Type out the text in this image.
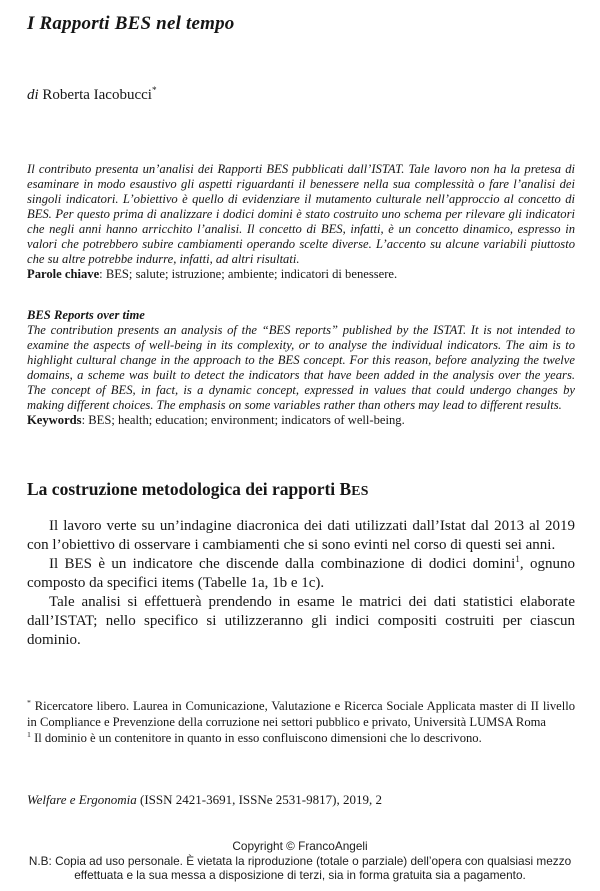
I Rapporti BES nel tempo

di Roberta Iacobucci*

Il contributo presenta un’analisi dei Rapporti BES pubblicati dall’ISTAT. Tale lavoro non ha la pretesa di esaminare in modo esaustivo gli aspetti riguardanti il benessere nella sua complessità o fare l’analisi dei singoli indicatori. L’obiettivo è quello di evidenziare il mutamento culturale nell’approccio al concetto di BES. Per questo prima di analizzare i dodici domini è stato costruito uno schema per rilevare gli indicatori che negli anni hanno arricchito l’analisi. Il concetto di BES, infatti, è un concetto dinamico, espresso in valori che potrebbero subire cambiamenti operando scelte diverse. L’accento su alcune variabili piuttosto che su altre potrebbe indurre, infatti, ad altri risultati.

Parole chiave: BES; salute; istruzione; ambiente; indicatori di benessere.

BES Reports over time

The contribution presents an analysis of the “BES reports” published by the ISTAT. It is not intended to examine the aspects of well-being in its complexity, or to analyse the individual indicators. The aim is to highlight cultural change in the approach to the BES concept. For this reason, before analyzing the twelve domains, a scheme was built to detect the indicators that have been added in the analysis over the years. The concept of BES, in fact, is a dynamic concept, expressed in values that could undergo changes by making different choices. The emphasis on some variables rather than others may lead to different results.

Keywords: BES; health; education; environment; indicators of well-being.

La costruzione metodologica dei rapporti BES

Il lavoro verte su un’indagine diacronica dei dati utilizzati dall’Istat dal 2013 al 2019 con l’obiettivo di osservare i cambiamenti che si sono evinti nel corso di questi sei anni.

Il BES è un indicatore che discende dalla combinazione di dodici domini$^1$, ognuno composto da specifici items (Tabelle 1a, 1b e 1c).

Tale analisi si effettuerà prendendo in esame le matrici dei dati statistici elaborate dall’ISTAT; nello specifico si utilizzeranno gli indici compositi costruiti per ciascun dominio.

* Ricercatore libero. Laurea in Comunicazione, Valutazione e Ricerca Sociale Applicata master di II livello in Compliance e Prevenzione della corruzione nei settori pubblico e privato, Università LUMSA Roma

$^1$ Il dominio è un contenitore in quanto in esso confluiscono dimensioni che lo descrivono.

Welfare e Ergonomia (ISSN 2421-3691, ISSNe 2531-9817), 2019, 2

Copyright © FrancoAngeli

N.B: Copia ad uso personale. È vietata la riproduzione (totale o parziale) dell’opera con qualsiasi mezzo effettuata e la sua messa a disposizione di terzi, sia in forma gratuita sia a pagamento.
